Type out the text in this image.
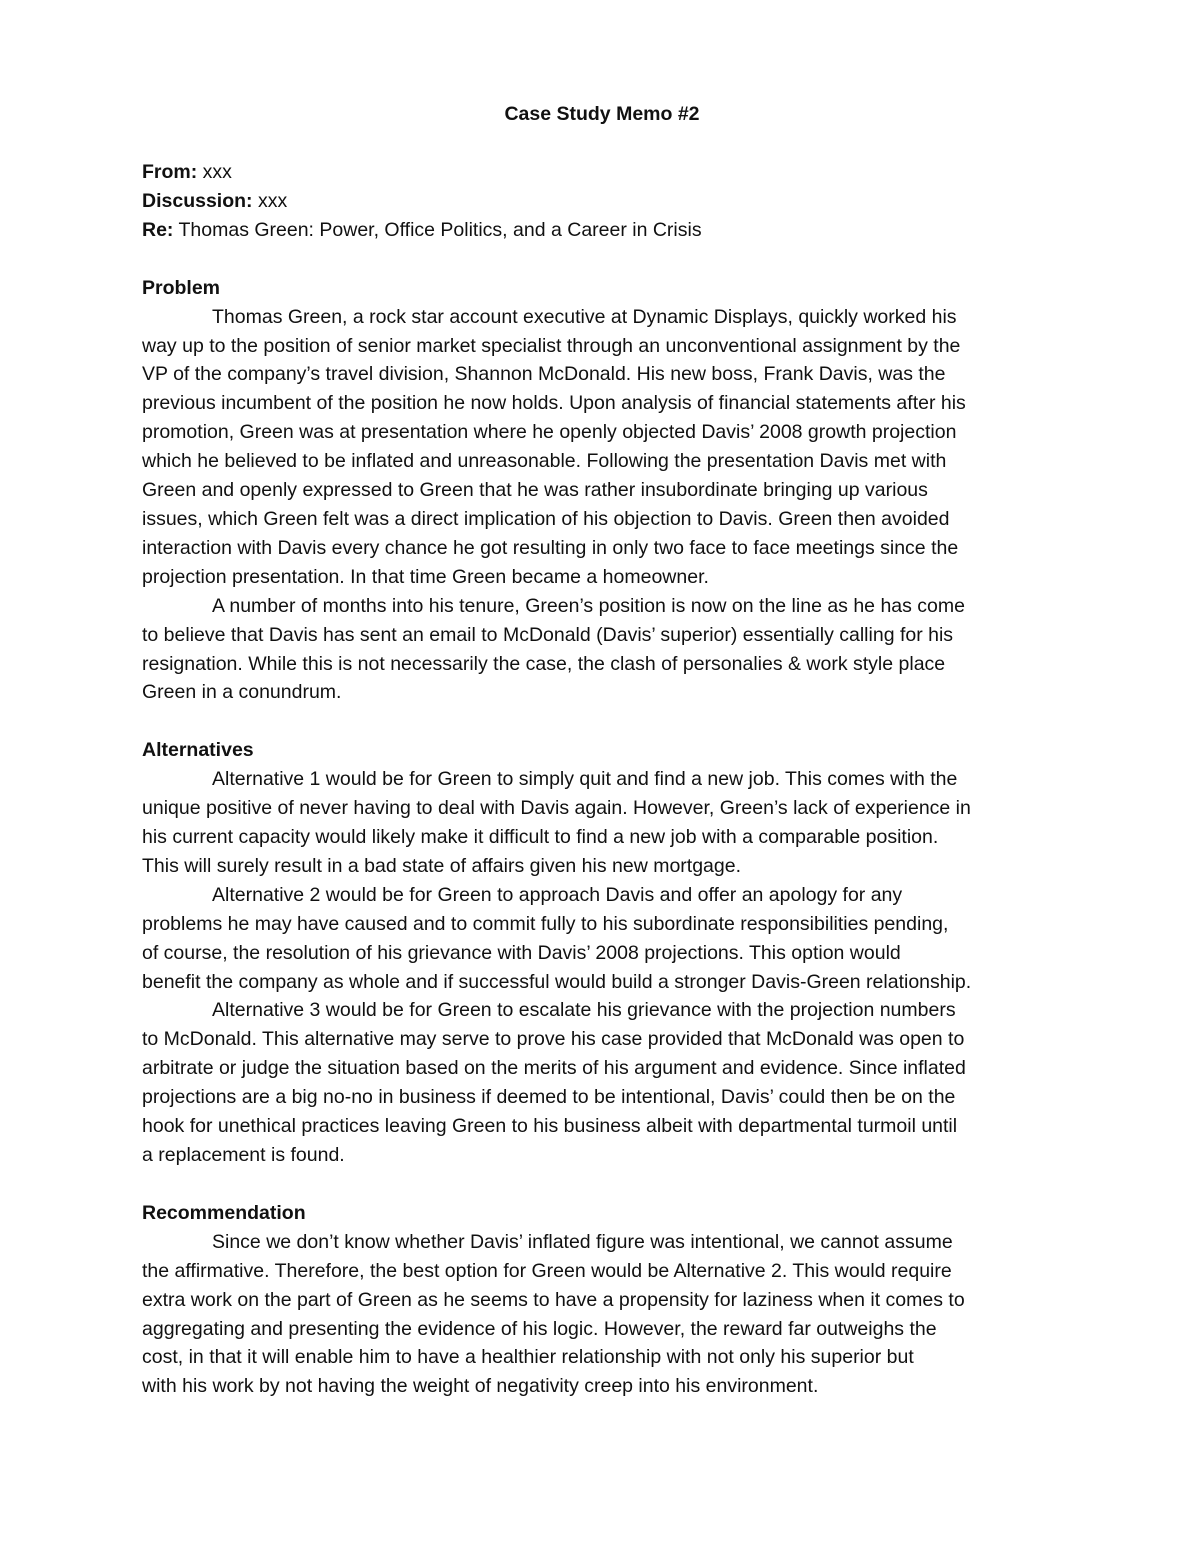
Case Study Memo #2
From: xxx
Discussion: xxx
Re: Thomas Green: Power, Office Politics, and a Career in Crisis
Problem
Thomas Green, a rock star account executive at Dynamic Displays, quickly worked his
way up to the position of senior market specialist through an unconventional assignment by the
VP of the company’s travel division, Shannon McDonald. His new boss, Frank Davis, was the
previous incumbent of the position he now holds. Upon analysis of financial statements after his
promotion, Green was at presentation where he openly objected Davis’ 2008 growth projection
which he believed to be inflated and unreasonable. Following the presentation Davis met with
Green and openly expressed to Green that he was rather insubordinate bringing up various
issues, which Green felt was a direct implication of his objection to Davis. Green then avoided
interaction with Davis every chance he got resulting in only two face to face meetings since the
projection presentation. In that time Green became a homeowner.
A number of months into his tenure, Green’s position is now on the line as he has come
to believe that Davis has sent an email to McDonald (Davis’ superior) essentially calling for his
resignation. While this is not necessarily the case, the clash of personalies & work style place
Green in a conundrum.
Alternatives
Alternative 1 would be for Green to simply quit and find a new job. This comes with the
unique positive of never having to deal with Davis again. However, Green’s lack of experience in
his current capacity would likely make it difficult to find a new job with a comparable position.
This will surely result in a bad state of affairs given his new mortgage.
Alternative 2 would be for Green to approach Davis and offer an apology for any
problems he may have caused and to commit fully to his subordinate responsibilities pending,
of course, the resolution of his grievance with Davis’ 2008 projections. This option would
benefit the company as whole and if successful would build a stronger Davis-Green relationship.
Alternative 3 would be for Green to escalate his grievance with the projection numbers
to McDonald. This alternative may serve to prove his case provided that McDonald was open to
arbitrate or judge the situation based on the merits of his argument and evidence. Since inflated
projections are a big no-no in business if deemed to be intentional, Davis’ could then be on the
hook for unethical practices leaving Green to his business albeit with departmental turmoil until
a replacement is found.
Recommendation
Since we don’t know whether Davis’ inflated figure was intentional, we cannot assume
the affirmative. Therefore, the best option for Green would be Alternative 2. This would require
extra work on the part of Green as he seems to have a propensity for laziness when it comes to
aggregating and presenting the evidence of his logic. However, the reward far outweighs the
cost, in that it will enable him to have a healthier relationship with not only his superior but
with his work by not having the weight of negativity creep into his environment.
